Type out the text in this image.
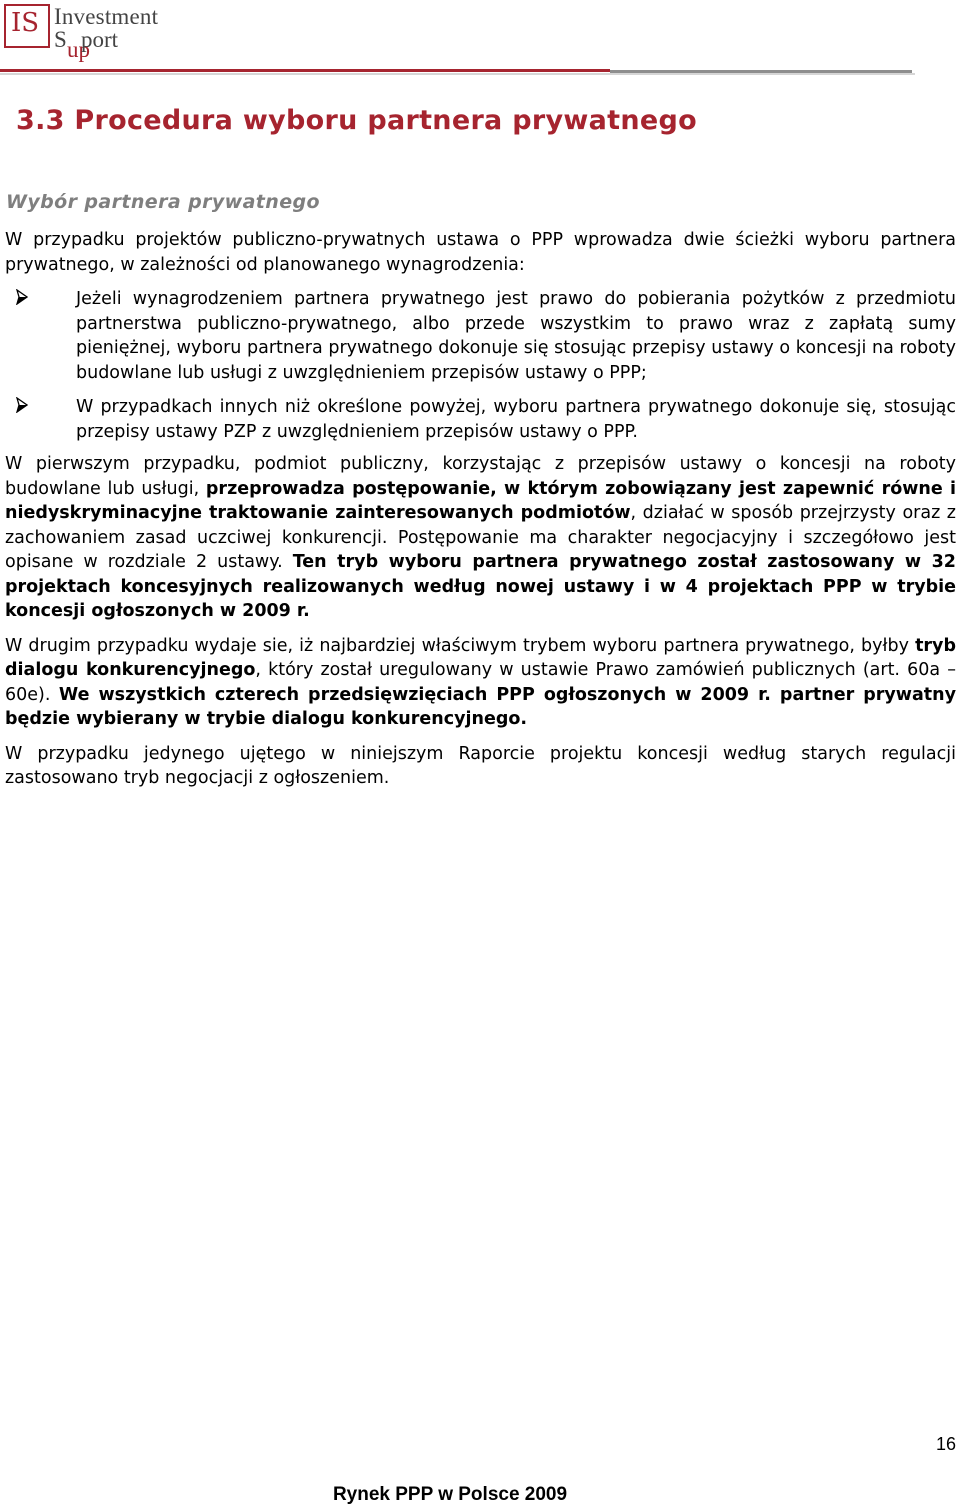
IS Investment
S up
port
3.3 Procedura wyboru partnera prywatnego
Wybór partnera prywatnego

W przypadku projektów publiczno-prywatnych ustawa o PPP wprowadza dwie ścieżki wyboru partnera prywatnego, w zależności od planowanego wynagrodzenia:

Jeżeli wynagrodzeniem partnera prywatnego jest prawo do pobierania pożytków z przedmiotu partnerstwa publiczno-prywatnego, albo przede wszystkim to prawo wraz z zapłatą sumy pieniężnej, wyboru partnera prywatnego dokonuje się stosując przepisy ustawy o koncesji na roboty budowlane lub usługi z uwzględnieniem przepisów ustawy o PPP;
W przypadkach innych niż określone powyżej, wyboru partnera prywatnego dokonuje się, stosując przepisy ustawy PZP z uwzględnieniem przepisów ustawy o PPP.

W pierwszym przypadku, podmiot publiczny, korzystając z przepisów ustawy o koncesji na roboty budowlane lub usługi, przeprowadza postępowanie, w którym zobowiązany jest zapewnić równe i niedyskryminacyjne traktowanie zainteresowanych podmiotów, działać w sposób przejrzysty oraz z zachowaniem zasad uczciwej konkurencji. Postępowanie ma charakter negocjacyjny i szczegółowo jest opisane w rozdziale 2 ustawy. Ten tryb wyboru partnera prywatnego został zastosowany w 32 projektach koncesyjnych realizowanych według nowej ustawy i w 4 projektach PPP w trybie koncesji ogłoszonych w 2009 r.

W drugim przypadku wydaje sie, iż najbardziej właściwym trybem wyboru partnera prywatnego, byłby tryb dialogu konkurencyjnego, który został uregulowany w ustawie Prawo zamówień publicznych (art. 60a – 60e). We wszystkich czterech przedsięwzięciach PPP ogłoszonych w 2009 r. partner prywatny będzie wybierany w trybie dialogu konkurencyjnego.

W przypadku jedynego ujętego w niniejszym Raporcie projektu koncesji według starych regulacji zastosowano tryb negocjacji z ogłoszeniem.

16
Rynek PPP w Polsce 2009
